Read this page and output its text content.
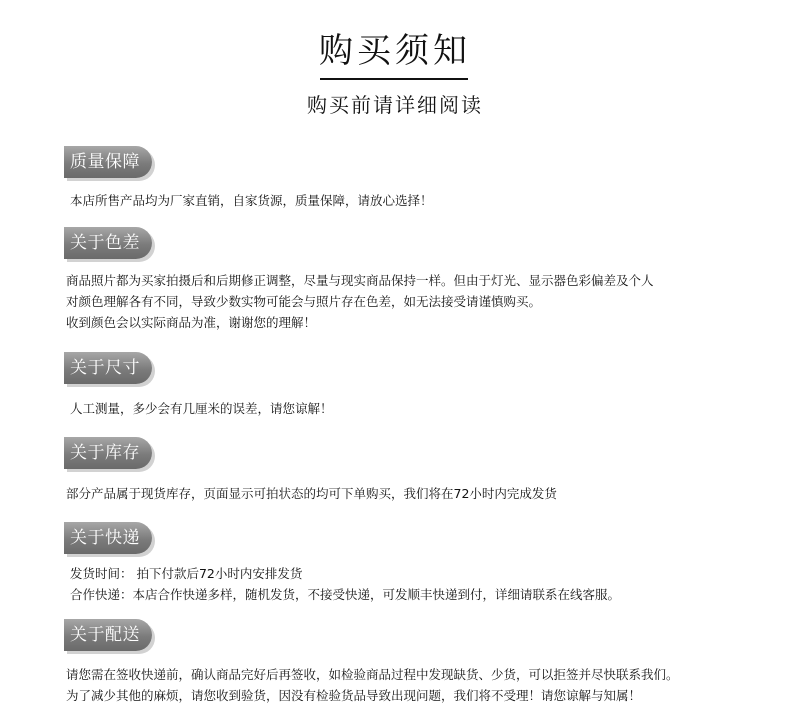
购买须知
购买前请详细阅读
质量保障
本店所售产品均为厂家直销，自家货源，质量保障，请放心选择！
关于色差
商品照片都为买家拍摄后和后期修正调整，尽量与现实商品保持一样。但由于灯光、显示器色彩偏差及个人
对颜色理解各有不同，导致少数实物可能会与照片存在色差，如无法接受请谨慎购买。
收到颜色会以实际商品为准，谢谢您的理解！
关于尺寸
人工测量，多少会有几厘米的误差，请您谅解！
关于库存
部分产品属于现货库存，页面显示可拍状态的均可下单购买，我们将在72小时内完成发货
关于快递
发货时间： 拍下付款后72小时内安排发货
合作快递：本店合作快递多样，随机发货，不接受快递，可发顺丰快递到付，详细请联系在线客服。
关于配送
请您需在签收快递前，确认商品完好后再签收，如检验商品过程中发现缺货、少货，可以拒签并尽快联系我们。
为了减少其他的麻烦，请您收到验货，因没有检验货品导致出现问题，我们将不受理！请您谅解与知属！
